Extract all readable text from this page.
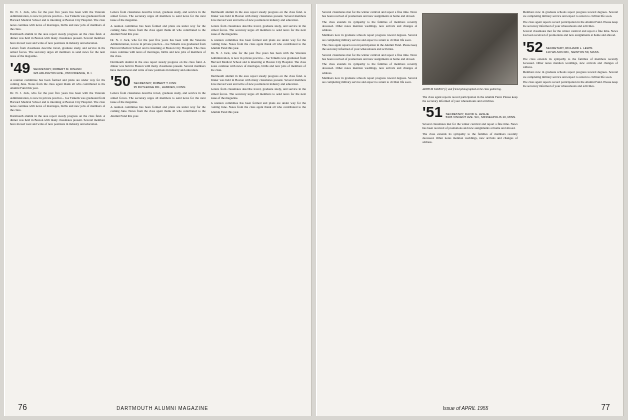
Dr. N. J. Jack, who for the past five years has been with the Veterans Administration, is now in private practice... Joe Tzikelis was graduated from Harvard Medical School and is interning at Boston City Hospital. The class notes continue with news of marriages, births and new jobs of members of the class.

Dartmouth alumni in the area report steady progress on the class fund. A dinner was held in Boston with many classmates present. Several members have moved west and write of new positions in industry and education.

Letters from classmates describe travel, graduate study, and service in the armed forces. The secretary urges all members to send news for the next issue of the magazine.

'49 SECRETARY, ROBERT M. DINAND
326 ARLINGTON AVE., PROVIDENCE, R. I.

A reunion committee has been formed and plans are under way for the coming June. Notes from the class agent thank all who contributed to the Alumni Fund this year.

Dr. N. J. Jack, who for the past five years has been with the Veterans Administration, is now in private practice... Joe Tzikelis was graduated from Harvard Medical School and is interning at Boston City Hospital. The class notes continue with news of marriages, births and new jobs of members of the class.

Dartmouth alumni in the area report steady progress on the class fund. A dinner was held in Boston with many classmates present. Several members have moved west and write of new positions in industry and education.

Letters from classmates describe travel, graduate study, and service in the armed forces. The secretary urges all members to send news for the next issue of the magazine.

A reunion committee has been formed and plans are under way for the coming June. Notes from the class agent thank all who contributed to the Alumni Fund this year.

Dr. N. J. Jack, who for the past five years has been with the Veterans Administration, is now in private practice... Joe Tzikelis was graduated from Harvard Medical School and is interning at Boston City Hospital. The class notes continue with news of marriages, births and new jobs of members of the class.

Dartmouth alumni in the area report steady progress on the class fund. A dinner was held in Boston with many classmates present. Several members have moved west and write of new positions in industry and education.

'50 SECRETARY, ROBERT T. FINN
35 RUTLEDGE RD., HAMDEN, CONN.

Letters from classmates describe travel, graduate study, and service in the armed forces. The secretary urges all members to send news for the next issue of the magazine.

A reunion committee has been formed and plans are under way for the coming June. Notes from the class agent thank all who contributed to the Alumni Fund this year.

Dartmouth alumni in the area report steady progress on the class fund. A dinner was held in Boston with many classmates present. Several members have moved west and write of new positions in industry and education.

Letters from classmates describe travel, graduate study, and service in the armed forces. The secretary urges all members to send news for the next issue of the magazine.

A reunion committee has been formed and plans are under way for the coming June. Notes from the class agent thank all who contributed to the Alumni Fund this year.

Dr. N. J. Jack, who for the past five years has been with the Veterans Administration, is now in private practice... Joe Tzikelis was graduated from Harvard Medical School and is interning at Boston City Hospital. The class notes continue with news of marriages, births and new jobs of members of the class.

Dartmouth alumni in the area report steady progress on the class fund. A dinner was held in Boston with many classmates present. Several members have moved west and write of new positions in industry and education.

Letters from classmates describe travel, graduate study, and service in the armed forces. The secretary urges all members to send news for the next issue of the magazine.

A reunion committee has been formed and plans are under way for the coming June. Notes from the class agent thank all who contributed to the Alumni Fund this year.

76	DARTMOUTH ALUMNI MAGAZINE

Several classmates met for the winter carnival and report a fine time. News has been received of promotions and new assignments at home and abroad.

The class extends its sympathy to the families of members recently deceased. Other notes mention weddings, new arrivals and changes of address.

Members now in graduate schools report progress toward degrees. Several are completing military service and expect to return to civilian life soon.

The class agent reports record participation in the Alumni Fund. Please keep the secretary informed of your whereabouts and activities.

Several classmates met for the winter carnival and report a fine time. News has been received of promotions and new assignments at home and abroad.

The class extends its sympathy to the families of members recently deceased. Other notes mention weddings, new arrivals and changes of address.

Members now in graduate schools report progress toward degrees. Several are completing military service and expect to return to civilian life soon.

ARTHUR TALBOT (r) and friend photographed at the class gathering.

The class agent reports record participation in the Alumni Fund. Please keep the secretary informed of your whereabouts and activities.

'51 SECRETARY, DAVID G. LESLIE
5345 VINCENT AVE. SO., MINNEAPOLIS 10, MINN.

Several classmates met for the winter carnival and report a fine time. News has been received of promotions and new assignments at home and abroad.

The class extends its sympathy to the families of members recently deceased. Other notes mention weddings, new arrivals and changes of address.

Members now in graduate schools report progress toward degrees. Several are completing military service and expect to return to civilian life soon.

The class agent reports record participation in the Alumni Fund. Please keep the secretary informed of your whereabouts and activities.

Several classmates met for the winter carnival and report a fine time. News has been received of promotions and new assignments at home and abroad.

'52 SECRETARY, RICHARD L. LEWIS
110 WILSON RD., NEWTON 59, MASS.

The class extends its sympathy to the families of members recently deceased. Other notes mention weddings, new arrivals and changes of address.

Members now in graduate schools report progress toward degrees. Several are completing military service and expect to return to civilian life soon.

The class agent reports record participation in the Alumni Fund. Please keep the secretary informed of your whereabouts and activities.

Issue of APRIL 1955	77
